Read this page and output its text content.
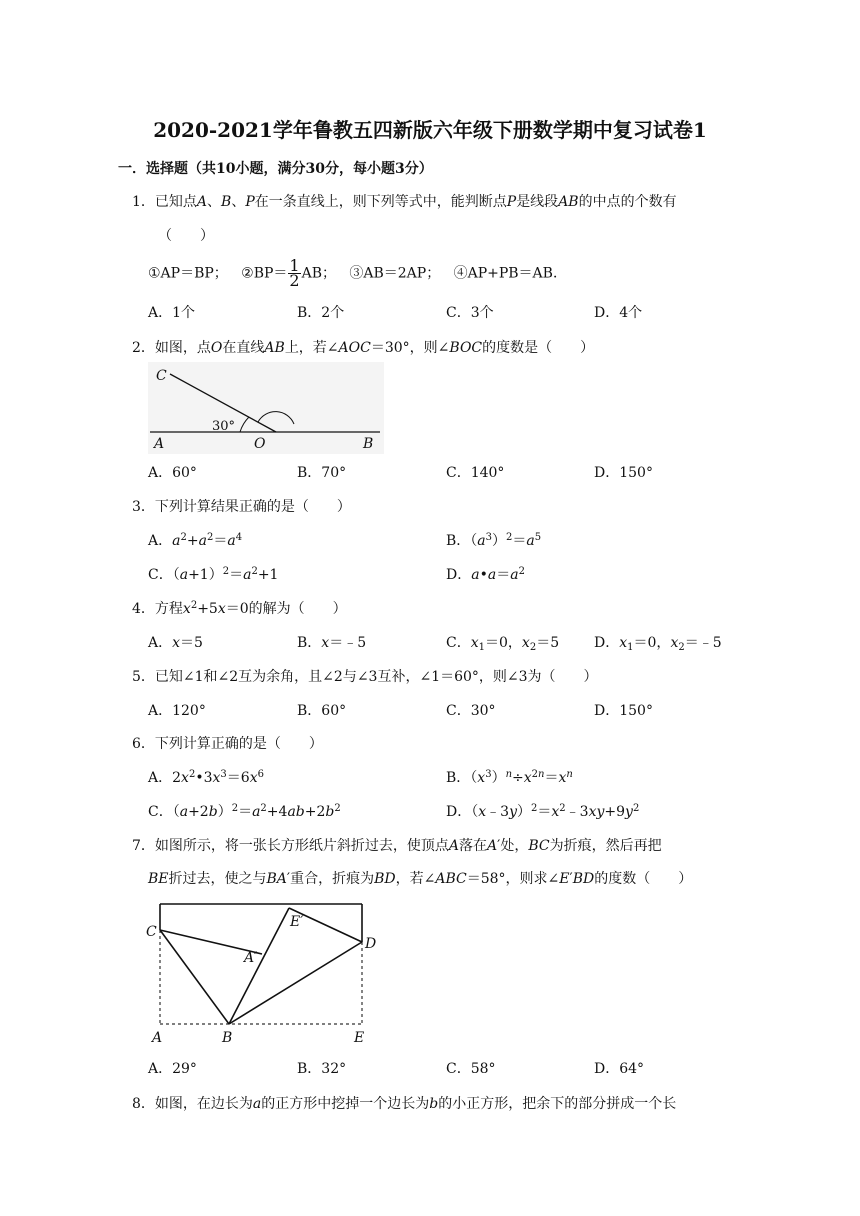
2020-2021学年鲁教五四新版六年级下册数学期中复习试卷1
一．选择题（共10小题，满分30分，每小题3分）
1．已知点A、B、P在一条直线上，则下列等式中，能判断点P是线段AB的中点的个数有
（　　）
①AP＝BP； ②BP＝ $\frac{1}{2}$ AB； ③AB＝2AP； ④AP+PB＝AB．
A．1个	B．2个	C．3个	D．4个
2．如图，点O在直线AB上，若∠AOC＝30°，则∠BOC的度数是（　　）
C
A	O	B
30°
A．60°	B．70°	C．140°	D．150°
3．下列计算结果正确的是（　　）
A．$a^2+a^2=a^4$	B．$(a^3)^2=a^5$
C．$(a+1)^2=a^2+1$	D．$a•a=a^2$
4．方程$x^2+5x=0$的解为（　　）
A．x＝5	B．x＝﹣5	C．$x_1=0$，$x_2=5$ D．$x_1=0$，$x_2=﹣5$
5．已知∠1和∠2互为余角，且∠2与∠3互补，∠1＝60°，则∠3为（　　）
A．120°	B．60°	C．30°	D．150°
6．下列计算正确的是（　　）
A．$2x^2•3x^3=6x^6$	B．$(x^3)^n\div x^{2n}=x^n$
C．$(a+2b)^2=a^2+4ab+2b^2$	D．$(x﹣3y)^2=x^2﹣3xy+9y^2$
7．如图所示，将一张长方形纸片斜折过去，使顶点A落在A′处，BC为折痕，然后再把
BE折过去，使之与BA′重合，折痕为BD，若∠ABC＝58°，则求∠E′BD的度数（　　）
C
A′
E′
D
A	B	E
A．29°	B．32°	C．58°	D．64°
8．如图，在边长为a的正方形中挖掉一个边长为b的小正方形，把余下的部分拼成一个长
